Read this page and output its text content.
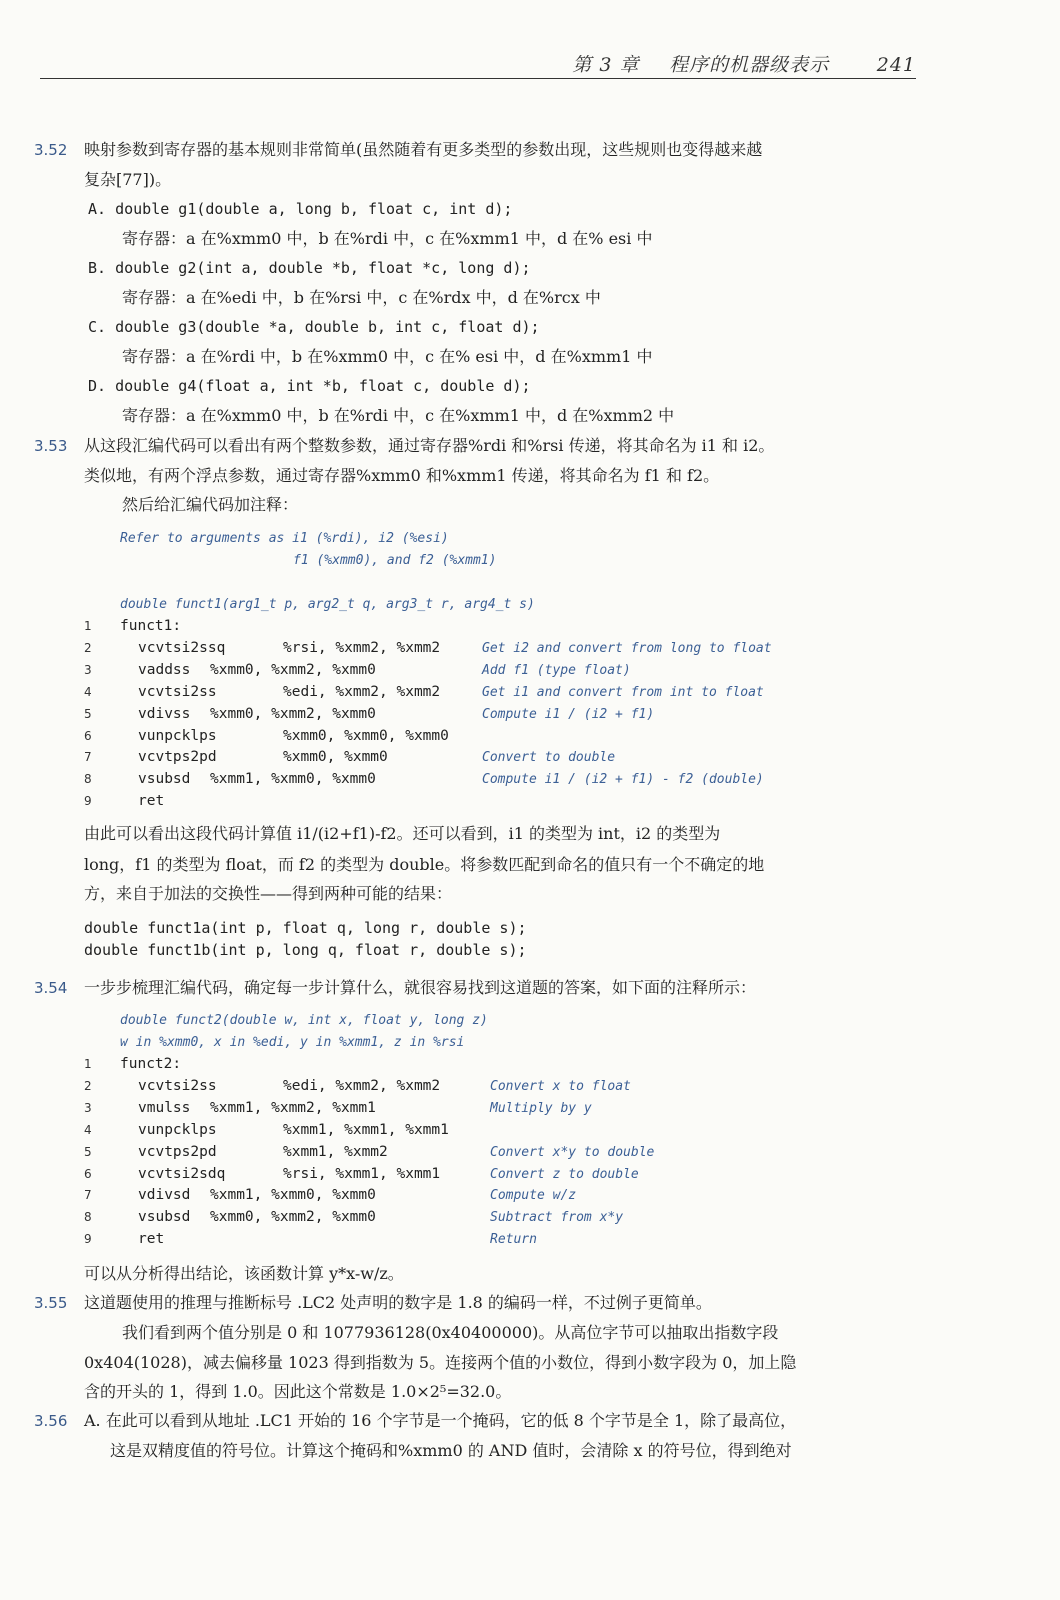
第 3 章 程序的机器级表示	241
3.52 映射参数到寄存器的基本规则非常简单(虽然随着有更多类型的参数出现，这些规则也变得越来越
复杂[77])。
A. double g1(double a, long b, float c, int d);
寄存器：a 在%xmm0 中，b 在%rdi 中，c 在%xmm1 中，d 在% esi 中
B. double g2(int a, double *b, float *c, long d);
寄存器：a 在%edi 中，b 在%rsi 中，c 在%rdx 中，d 在%rcx 中
C. double g3(double *a, double b, int c, float d);
寄存器：a 在%rdi 中，b 在%xmm0 中，c 在% esi 中，d 在%xmm1 中
D. double g4(float a, int *b, float c, double d);
寄存器：a 在%xmm0 中，b 在%rdi 中，c 在%xmm1 中，d 在%xmm2 中
3.53 从这段汇编代码可以看出有两个整数参数，通过寄存器%rdi 和%rsi 传递，将其命名为 i1 和 i2。
类似地，有两个浮点参数，通过寄存器%xmm0 和%xmm1 传递，将其命名为 f1 和 f2。
然后给汇编代码加注释：
Refer to arguments as i1 (%rdi), i2 (%esi)
f1 (%xmm0), and f2 (%xmm1)
double funct1(arg1_t p, arg2_t q, arg3_t r, arg4_t s)
1	funct1:
2	vcvtsi2ssq	%rsi, %xmm2, %xmm2	Get i2 and convert from long to float
3	vaddss %xmm0, %xmm2, %xmm0	Add f1 (type float)
4	vcvtsi2ss	%edi, %xmm2, %xmm2	Get i1 and convert from int to float
5	vdivss %xmm0, %xmm2, %xmm0	Compute i1 / (i2 + f1)
6	vunpcklps	%xmm0, %xmm0, %xmm0
7	vcvtps2pd	%xmm0, %xmm0	Convert to double
8	vsubsd %xmm1, %xmm0, %xmm0	Compute i1 / (i2 + f1) - f2 (double)
9	ret
由此可以看出这段代码计算值 i1/(i2+f1)-f2。还可以看到，i1 的类型为 int，i2 的类型为
long，f1 的类型为 float，而 f2 的类型为 double。将参数匹配到命名的值只有一个不确定的地
方，来自于加法的交换性——得到两种可能的结果：
double funct1a(int p, float q, long r, double s);
double funct1b(int p, long q, float r, double s);
3.54 一步步梳理汇编代码，确定每一步计算什么，就很容易找到这道题的答案，如下面的注释所示：
double funct2(double w, int x, float y, long z)
w in %xmm0, x in %edi, y in %xmm1, z in %rsi
1	funct2:
2	vcvtsi2ss	%edi, %xmm2, %xmm2	Convert x to float
3	vmulss %xmm1, %xmm2, %xmm1	Multiply by y
4	vunpcklps	%xmm1, %xmm1, %xmm1
5	vcvtps2pd	%xmm1, %xmm2	Convert x*y to double
6	vcvtsi2sdq	%rsi, %xmm1, %xmm1	Convert z to double
7	vdivsd %xmm1, %xmm0, %xmm0	Compute w/z
8	vsubsd %xmm0, %xmm2, %xmm0	Subtract from x*y
9	ret	Return
可以从分析得出结论，该函数计算 y*x-w/z。
3.55 这道题使用的推理与推断标号 .LC2 处声明的数字是 1.8 的编码一样，不过例子更简单。
我们看到两个值分别是 0 和 1077936128(0x40400000)。从高位字节可以抽取出指数字段
0x404(1028)，减去偏移量 1023 得到指数为 5。连接两个值的小数位，得到小数字段为 0，加上隐
含的开头的 1，得到 1.0。因此这个常数是 1.0×2⁵=32.0。
3.56 A. 在此可以看到从地址 .LC1 开始的 16 个字节是一个掩码，它的低 8 个字节是全 1，除了最高位，
这是双精度值的符号位。计算这个掩码和%xmm0 的 AND 值时，会清除 x 的符号位，得到绝对
